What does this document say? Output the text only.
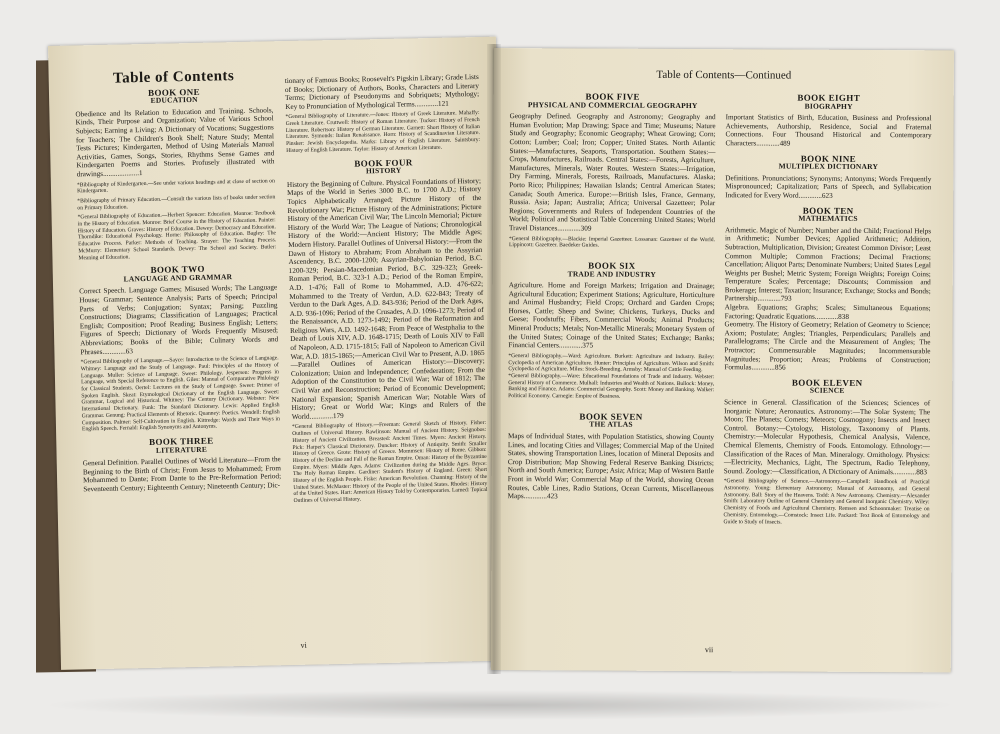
Table of Contents
BOOK ONE
EDUCATION

Obedience and Its Relation to Education and Training. Schools, Kinds, Their Purpose and Organization; Value of Various School Subjects; Earning a Living; A Dictionary of Vocations; Suggestions for Teachers; The Children's Book Shelf; Nature Study; Mental Tests Pictures; Kindergarten, Method of Using Materials Manual Activities, Games, Songs, Stories, Rhythms Sense Games and Kindergarten Poems and Stories. Profusely illustrated with drawings....................1

*Bibliography of Kindergarten.—See under various headings and at close of section on Kindergarten.

*Bibliography of Primary Education.—Consult the various lists of books under section on Primary Education.

*General Bibliography of Education.—Herbert Spencer: Education. Monroe: Textbook in the History of Education. Monroe: Brief Course in the History of Education. Painter: History of Education. Graves: History of Education. Dewey: Democracy and Education. Thorndike: Educational Psychology. Horne: Philosophy of Education. Bagley: The Educative Process. Parker: Methods of Teaching. Strayer: The Teaching Process. McMurry: Elementary School Standards. Dewey: The School and Society. Butler: Meaning of Education.

BOOK TWO
LANGUAGE AND GRAMMAR

Correct Speech. Language Games; Misused Words; The Language House; Grammar; Sentence Analysis; Parts of Speech; Principal Parts of Verbs; Conjugation; Syntax; Parsing; Puzzling Constructions; Diagrams; Classification of Languages; Practical English; Composition; Proof Reading; Business English; Letters; Figures of Speech; Dictionary of Words Frequently Misused; Abbreviations; Books of the Bible; Culinary Words and Phrases.............63

*General Bibliography of Language.—Sayce: Introduction to the Science of Language. Whitney: Language and the Study of Language. Paul: Principles of the History of Language. Muller: Science of Language. Sweet: Philology. Jespersen: Progress in Language, with Special Reference to English. Giles: Manual of Comparative Philology for Classical Students. Oertel: Lectures on the Study of Language. Sweet: Primer of Spoken English. Skeat: Etymological Dictionary of the English Language. Sweet: Grammar, Logical and Historical. Whitney: The Century Dictionary. Webster: New International Dictionary. Funk: The Standard Dictionary. Lewis: Applied English Grammar. Genung: Practical Elements of Rhetoric. Quanney: Poetics. Wendell: English Composition. Palmer: Self-Cultivation in English. Kittredge: Words and Their Ways in English Speech. Fernald: English Synonyms and Antonyms.

BOOK THREE
LITERATURE

General Definition. Parallel Outlines of World Literature—From the Beginning to the Birth of Christ; From Jesus to Mohammed; From Mohammed to Dante; From Dante to the Pre-Reformation Period; Seventeenth Century; Eighteenth Century; Nineteenth Century; Dic-

tionary of Famous Books; Roosevelt's Pigskin Library; Grade Lists of Books; Dictionary of Authors, Books, Characters and Literary Terms; Dictionary of Pseudonyms and Sobriquets; Mythology; Key to Pronunciation of Mythological Terms.............121

*General Bibliography of Literature.—Jones: History of Greek Literature. Mahaffy: Greek Literature. Cruttwell: History of Roman Literature. Tucker: History of French Literature. Robertson: History of German Literature. Garnett: Short History of Italian Literature. Symonds: Italian Renaissance. Horn: History of Scandinavian Literature. Pinsker: Jewish Encyclopedia. Marks: Library of English Literature. Saintsbury: History of English Literature. Taylor: History of American Literature.

BOOK FOUR
HISTORY

History the Beginning of Culture. Physical Foundations of History; Maps of the World in Series 3000 B.C. to 1700 A.D.; History Topics Alphabetically Arranged; Picture History of the Revolutionary War; Picture History of the Administrations; Picture History of the American Civil War; The Lincoln Memorial; Picture History of the World War; The League of Nations; Chronological History of the World:—Ancient History; The Middle Ages; Modern History. Parallel Outlines of Universal History:—From the Dawn of History to Abraham; From Abraham to the Assyrian Ascendency, B.C. 2000-1200; Assyrian-Babylonian Period, B.C. 1200-329; Persian-Macedonian Period, B.C. 329-323; Greek-Roman Period, B.C. 323-1 A.D.; Period of the Roman Empire, A.D. 1-476; Fall of Rome to Mohammed, A.D. 476-622; Mohammed to the Treaty of Verdun, A.D. 622-843; Treaty of Verdun to the Dark Ages, A.D. 843-936; Period of the Dark Ages, A.D. 936-1096; Period of the Crusades, A.D. 1096-1273; Period of the Renaissance, A.D. 1273-1492; Period of the Reformation and Religious Wars, A.D. 1492-1648; From Peace of Westphalia to the Death of Louis XIV, A.D. 1648-1715; Death of Louis XIV to Fall of Napoleon, A.D. 1715-1815; Fall of Napoleon to American Civil War, A.D. 1815-1865;—American Civil War to Present, A.D. 1865—Parallel Outlines of American History:—Discovery; Colonization; Union and Independence; Confederation; From the Adoption of the Constitution to the Civil War; War of 1812; The Civil War and Reconstruction; Period of Economic Development; National Expansion; Spanish American War; Notable Wars of History; Great or World War; Kings and Rulers of the World.............179

*General Bibliography of History.—Freeman: General Sketch of History. Fisher: Outlines of Universal History. Rawlinson: Manual of Ancient History. Seignobos: History of Ancient Civilization. Breasted: Ancient Times. Myers: Ancient History. Pick: Harper's Classical Dictionary. Duncker: History of Antiquity. Smith: Smaller History of Greece. Grote: History of Greece. Mommsen: History of Rome. Gibbon: History of the Decline and Fall of the Roman Empire. Oman: History of the Byzantine Empire. Myers: Middle Ages. Adams: Civilization during the Middle Ages. Bryce: The Holy Roman Empire. Gardiner: Student's History of England. Green: Short History of the English People. Fiske: American Revolution. Channing: History of the United States. McMaster: History of the People of the United States. Rhodes: History of the United States. Hart: American History Told by Contemporaries. Larned: Topical Outlines of Universal History.

vi
Table of Contents—Continued
BOOK FIVE
PHYSICAL AND COMMERCIAL GEOGRAPHY

Geography Defined. Geography and Astronomy; Geography and Human Evolution; Map Drawing; Space and Time; Museums; Nature Study and Geography; Economic Geography; Wheat Growing; Corn; Cotton; Lumber; Coal; Iron; Copper; United States. North Atlantic States:—Manufactures, Seaports, Transportation. Southern States:—Crops, Manufactures, Railroads. Central States:—Forests, Agriculture, Manufactures, Minerals, Water Routes. Western States:—Irrigation, Dry Farming, Minerals, Forests, Railroads, Manufactures. Alaska; Porto Rico; Philippines; Hawaiian Islands; Central American States; Canada; South America. Europe:—British Isles, France, Germany, Russia. Asia; Japan; Australia; Africa; Universal Gazetteer; Polar Regions; Governments and Rulers of Independent Countries of the World; Political and Statistical Table Concerning United States; World Travel Distances.............309

*General Bibliography.—Blackie: Imperial Gazetteer. Lossanan: Gazetteer of the World. Lippincott: Gazetteer. Baedeker Guides.

BOOK SIX
TRADE AND INDUSTRY

Agriculture. Home and Foreign Markets; Irrigation and Drainage; Agricultural Education; Experiment Stations; Agriculture, Horticulture and Animal Husbandry; Field Crops; Orchard and Garden Crops; Horses, Cattle; Sheep and Swine; Chickens, Turkeys, Ducks and Geese; Foodstuffs; Fibers, Commercial Woods; Animal Products; Mineral Products; Metals; Non-Metallic Minerals; Monetary System of the United States; Coinage of the United States; Exchange; Banks; Financial Centers.............375

*General Bibliography.—Ward: Agriculture. Burkett: Agriculture and Industry. Bailey: Cyclopedia of American Agriculture. Hunter: Principles of Agriculture. Wilson and Smith: Cyclopedia of Agriculture. Miles: Stock-Breeding. Armsby: Manual of Cattle Feeding.
*General Bibliography.—Ware: Educational Foundations of Trade and Industry. Webster: General History of Commerce. Mulhall: Industries and Wealth of Nations. Bullock: Money, Banking and Finance. Adams: Commercial Geography. Scott: Money and Banking. Walker: Political Economy. Carnegie: Empire of Business.

BOOK SEVEN
THE ATLAS

Maps of Individual States, with Population Statistics, showing County Lines, and locating Cities and Villages; Commercial Map of the United States, showing Transportation Lines, location of Mineral Deposits and Crop Distribution; Map Showing Federal Reserve Banking Districts; North and South America; Europe; Asia; Africa; Map of Western Battle Front in World War; Commercial Map of the World, showing Ocean Routes, Cable Lines, Radio Stations, Ocean Currents, Miscellaneous Maps.............423

BOOK EIGHT
BIOGRAPHY

Important Statistics of Birth, Education, Business and Professional Achievements, Authorship, Residence, Social and Fraternal Connections. Four Thousand Historical and Contemporary Characters.............489

BOOK NINE
MULTIPLEX DICTIONARY

Definitions. Pronunciations; Synonyms; Antonyms; Words Frequently Mispronounced; Capitalization; Parts of Speech, and Syllabication Indicated for Every Word.............623

BOOK TEN
MATHEMATICS

Arithmetic. Magic of Number; Number and the Child; Fractional Helps in Arithmetic; Number Devices; Applied Arithmetic; Addition, Subtraction, Multiplication, Division; Greatest Common Divisor; Least Common Multiple; Common Fractions; Decimal Fractions; Cancellation; Aliquot Parts; Denominate Numbers; United States Legal Weights per Bushel; Metric System; Foreign Weights; Foreign Coins; Temperature Scales; Percentage; Discounts; Commission and Brokerage; Interest; Taxation; Insurance; Exchange; Stocks and Bonds; Partnership.............793
Algebra. Equations; Graphs; Scales; Simultaneous Equations; Factoring; Quadratic Equations.............838
Geometry. The History of Geometry; Relation of Geometry to Science; Axiom; Postulate; Angles; Triangles, Perpendiculars; Parallels and Parallelograms; The Circle and the Measurement of Angles; The Protractor; Commensurable Magnitudes; Incommensurable Magnitudes; Proportion; Areas; Problems of Construction; Formulas.............856

BOOK ELEVEN
SCIENCE

Science in General. Classification of the Sciences; Sciences of Inorganic Nature; Aeronautics. Astronomy:—The Solar System; The Moon; The Planets; Comets; Meteors; Cosmogony; Insects and Insect Control. Botany:—Cytology, Histology, Taxonomy of Plants. Chemistry:—Molecular Hypothesis, Chemical Analysis, Valence, Chemical Elements, Chemistry of Foods. Entomology. Ethnology:—Classification of the Races of Man. Mineralogy. Ornithology. Physics:—Electricity, Mechanics, Light, The Spectrum, Radio Telephony, Sound. Zoology:—Classification, A Dictionary of Animals.............883

*General Bibliography of Science.—Astronomy.—Campbell: Handbook of Practical Astronomy. Young: Elementary Astronomy; Manual of Astronomy, and General Astronomy. Ball: Story of the Heavens. Todd: A New Astronomy. Chemistry.—Alexander Smith: Laboratory Outline of General Chemistry and General Inorganic Chemistry. Wiley: Chemistry of Foods and Agricultural Chemistry. Remsen and Schoonmaker: Treatise on Chemistry. Entomology.—Comstock: Insect Life. Packard: Text Book of Entomology and Guide to Study of Insects.

vii
